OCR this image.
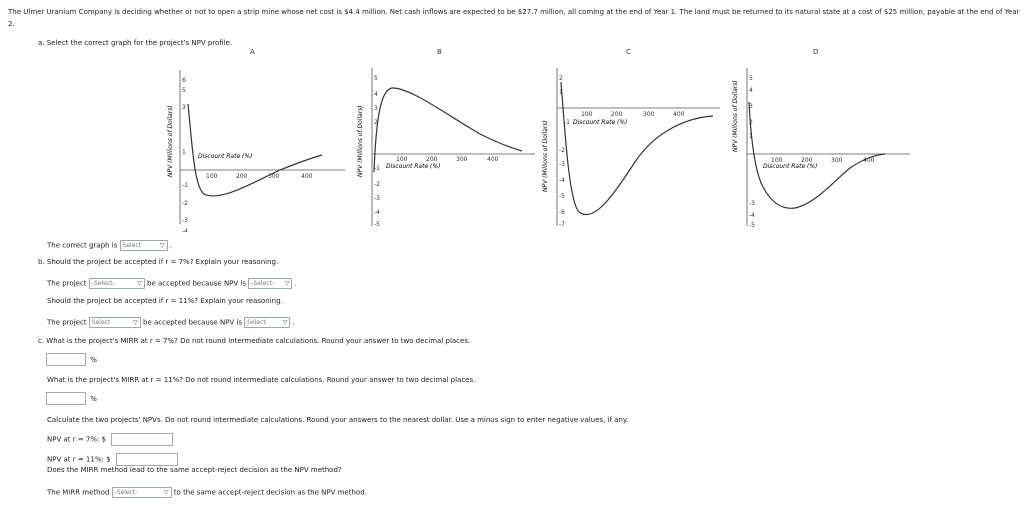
The Ulmer Uranium Company is deciding whether or not to open a strip mine whose net cost is $4.4 million. Net cash inflows are expected to be $27.7 million, all coming at the end of Year 1. The land must be returned to its natural state at a cost of $25 million, payable at the end of Year 2.
a. Select the correct graph for the project's NPV profile.
A	B	C	D
NPV (Millions of Dollars)
6
5
3
1
-1
-2
-3
-4
100	200	300	400
Discount Rate (%)	NPV (Millions of Dollars)
5
4
3
2
-1
-2
-3
-4
-5
100	200	300	400
Discount Rate (%)	NPV (Millions of Dollars)
2
1
-1
-2
-3
-4
-5
-6
-7
100	200	300	400
Discount Rate (%)	NPV (Millions of Dollars)
5
4
3
2
1
-3
-4
-5
100	200	300	400
Discount Rate (%)
The correct graph is Select	▽ .
b. Should the project be accepted if r = 7%? Explain your reasoning.
The project -Select-	▽ be accepted because NPV is -Select- ▽ .
Should the project be accepted if r = 11%? Explain your reasoning.
The project Select	▽ be accepted because NPV is Select	▽ .
c. What is the project's MIRR at r = 7%? Do not round intermediate calculations. Round your answer to two decimal places.
%
What is the project's MIRR at r = 11%? Do not round intermediate calculations. Round your answer to two decimal places.
%
Calculate the two projects' NPVs. Do not round intermediate calculations. Round your answers to the nearest dollar. Use a minus sign to enter negative values, if any.
NPV at r = 7%: $
NPV at r = 11%: $
Does the MIRR method lead to the same accept-reject decision as the NPV method?
The MIRR method -Select-	▽ to the same accept-reject decision as the NPV method.
